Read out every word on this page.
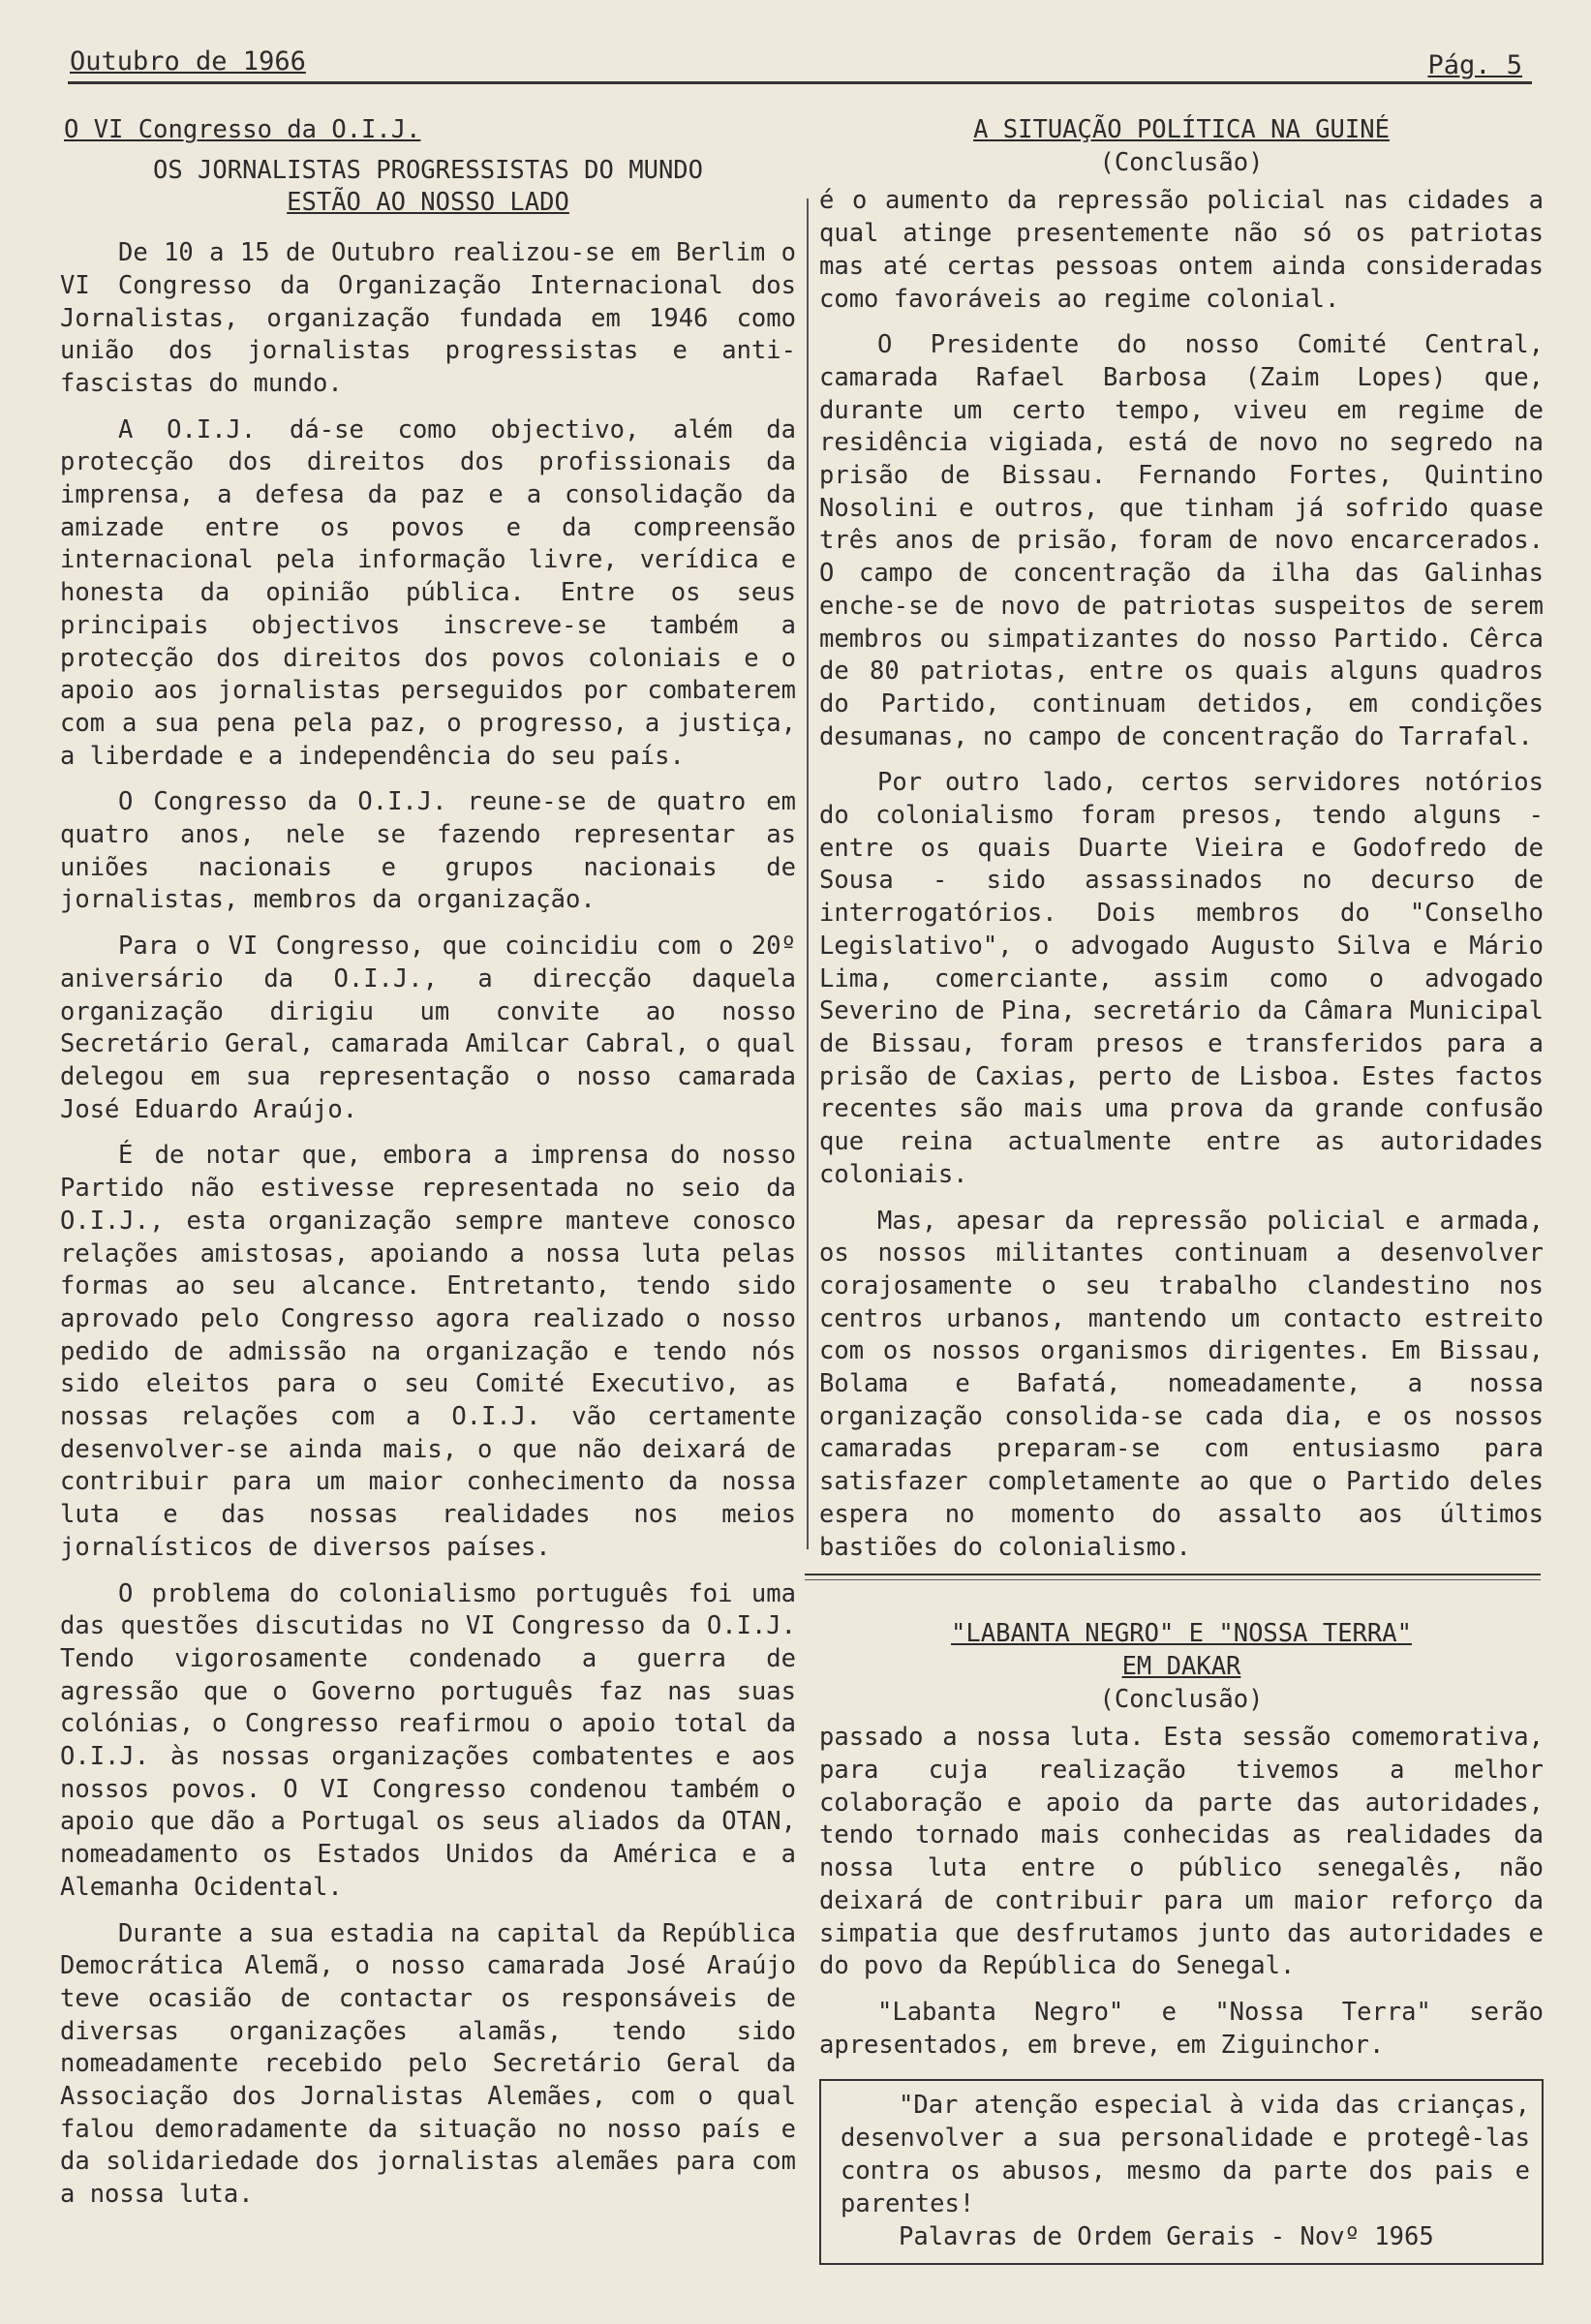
Outubro de 1966	Pág. 5
O VI Congresso da O.I.J.
OS JORNALISTAS PROGRESSISTAS DO MUNDO
ESTÃO AO NOSSO LADO

De 10 a 15 de Outubro realizou-se em Berlim o VI Congresso da Organização Internacional dos Jornalistas, organização fundada em 1946 como união dos jornalistas progressistas e anti-fascistas do mundo.

A O.I.J. dá-se como objectivo, além da protecção dos direitos dos profissionais da imprensa, a defesa da paz e a consolidação da amizade entre os povos e da compreensão internacional pela informação livre, verídica e honesta da opinião pública. Entre os seus principais objectivos inscreve-se também a protecção dos direitos dos povos coloniais e o apoio aos jornalistas perseguidos por combaterem com a sua pena pela paz, o progresso, a justiça, a liberdade e a independência do seu país.

O Congresso da O.I.J. reune-se de quatro em quatro anos, nele se fazendo representar as uniões nacionais e grupos nacionais de jornalistas, membros da organização.

Para o VI Congresso, que coincidiu com o 20º aniversário da O.I.J., a direcção daquela organização dirigiu um convite ao nosso Secretário Geral, camarada Amilcar Cabral, o qual delegou em sua representação o nosso camarada José Eduardo Araújo.

É de notar que, embora a imprensa do nosso Partido não estivesse representada no seio da O.I.J., esta organização sempre manteve conosco relações amistosas, apoiando a nossa luta pelas formas ao seu alcance. Entretanto, tendo sido aprovado pelo Congresso agora realizado o nosso pedido de admissão na organização e tendo nós sido eleitos para o seu Comité Executivo, as nossas relações com a O.I.J. vão certamente desenvolver-se ainda mais, o que não deixará de contribuir para um maior conhecimento da nossa luta e das nossas realidades nos meios jornalísticos de diversos países.

O problema do colonialismo português foi uma das questões discutidas no VI Congresso da O.I.J. Tendo vigorosamente condenado a guerra de agressão que o Governo português faz nas suas colónias, o Congresso reafirmou o apoio total da O.I.J. às nossas organizações combatentes e aos nossos povos. O VI Congresso condenou também o apoio que dão a Portugal os seus aliados da OTAN, nomeadamento os Estados Unidos da América e a Alemanha Ocidental.

Durante a sua estadia na capital da República Democrática Alemã, o nosso camarada José Araújo teve ocasião de contactar os responsáveis de diversas organizações alamãs, tendo sido nomeadamente recebido pelo Secretário Geral da Associação dos Jornalistas Alemães, com o qual falou demoradamente da situação no nosso país e da solidariedade dos jornalistas alemães para com a nossa luta.

A SITUAÇÃO POLÍTICA NA GUINÉ
(Conclusão)

é o aumento da repressão policial nas cidades a qual atinge presentemente não só os patriotas mas até certas pessoas ontem ainda consideradas como favoráveis ao regime colonial.

O Presidente do nosso Comité Central, camarada Rafael Barbosa (Zaim Lopes) que, durante um certo tempo, viveu em regime de residência vigiada, está de novo no segredo na prisão de Bissau. Fernando Fortes, Quintino Nosolini e outros, que tinham já sofrido quase três anos de prisão, foram de novo encarcerados. O campo de concentração da ilha das Galinhas enche-se de novo de patriotas suspeitos de serem membros ou simpatizantes do nosso Partido. Cêrca de 80 patriotas, entre os quais alguns quadros do Partido, continuam detidos, em condições desumanas, no campo de concentração do Tarrafal.

Por outro lado, certos servidores notórios do colonialismo foram presos, tendo alguns - entre os quais Duarte Vieira e Godofredo de Sousa - sido assassinados no decurso de interrogatórios. Dois membros do "Conselho Legislativo", o advogado Augusto Silva e Mário Lima, comerciante, assim como o advogado Severino de Pina, secretário da Câmara Municipal de Bissau, foram presos e transferidos para a prisão de Caxias, perto de Lisboa. Estes factos recentes são mais uma prova da grande confusão que reina actualmente entre as autoridades coloniais.

Mas, apesar da repressão policial e armada, os nossos militantes continuam a desenvolver corajosamente o seu trabalho clandestino nos centros urbanos, mantendo um contacto estreito com os nossos organismos dirigentes. Em Bissau, Bolama e Bafatá, nomeadamente, a nossa organização consolida-se cada dia, e os nossos camaradas preparam-se com entusiasmo para satisfazer completamente ao que o Partido deles espera no momento do assalto aos últimos bastiões do colonialismo.

"LABANTA NEGRO" E "NOSSA TERRA"
EM DAKAR
(Conclusão)

passado a nossa luta. Esta sessão comemorativa, para cuja realização tivemos a melhor colaboração e apoio da parte das autoridades, tendo tornado mais conhecidas as realidades da nossa luta entre o público senegalês, não deixará de contribuir para um maior reforço da simpatia que desfrutamos junto das autoridades e do povo da República do Senegal.

"Labanta Negro" e "Nossa Terra" serão apresentados, em breve, em Ziguinchor.

"Dar atenção especial à vida das crianças, desenvolver a sua personalidade e protegê-las contra os abusos, mesmo da parte dos pais e parentes!

Palavras de Ordem Gerais - Novº 1965
